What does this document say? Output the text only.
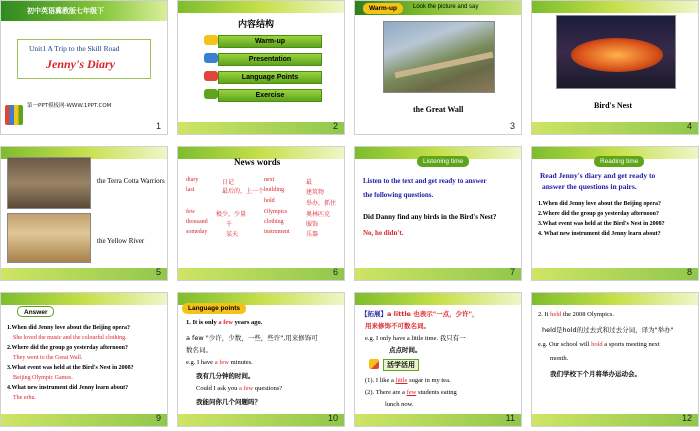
初中英语冀教版七年级下
Unit1 A Trip to the Skill Road
Jenny's Diary
第一PPT模板网-WWW.1PPT.COM
1
内容结构
Warm-up
Presentation
Language Points
Exercise
2
Warm-up	Look the picture and say
the Great Wall
3
Bird's Nest
4
the Terra Cotta Warriors
the Yellow River
5
News words
diary	日记
last	最后的，上一个
few	极少，少量
thousand	千
someday	某天
next	最
building	建筑物
hold	举办，抓住
Olympics	奥林匹克
clothing	服饰
instrument	乐器
6
Listening time
Listen to the text and get ready to answer
the following questions.
Did Danny find any birds in the Bird's Nest?
No, he didn't.
7
Reading time
Read Jenny's diary and get ready to
answer the questions in pairs.
1.When did Jenny love about the Beijing opera?
2.Where did the group go yesterday afternoon?
3.What event was held at the Bird's Nest in 2008?
4. What new instrument did Jenny learn about?
8
Answer
1.When did Jenny love about the Beijing opera?
She loved the music and the colourful clothing.
2.Where did the group go yesterday afternoon?
They went to the Great Wall.
3.What event was held at the Bird's Nest in 2008?
Beijing Olympic Games.
4.What new instrument did Jenny learn about?
The erhu.
9
Language points
1. It is only a few years ago.
a few "少许，少数，一些，些许",用来修饰可
数名词。
e.g. I have a few minutes.
我有几分钟的时间。
Could I ask you a few questions?
我能问你几个问题吗？
10
【拓展】a little 也表示"一点，少许"，
用来修饰不可数名词。
e.g. I only have a little time. 我只有一
点点时间。
活学活用
(1). I like a little sugar in my tea.
(2). There are a few students eating
lunch now.
11
2. It held the 2008 Olympics.
held是hold的过去式和过去分词，译为"举办"
e.g. Our school will hold a sports meeting next
month.
我们学校下个月将举办运动会。
12
